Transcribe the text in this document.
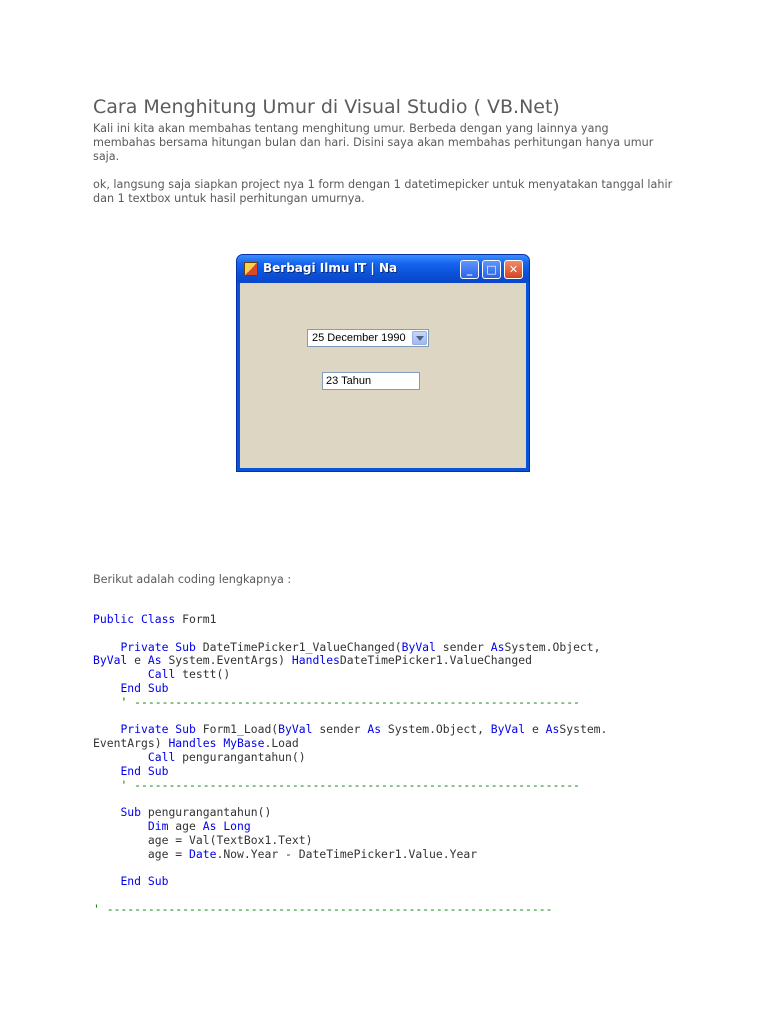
Cara Menghitung Umur di Visual Studio ( VB.Net)

Kali ini kita akan membahas tentang menghitung umur. Berbeda dengan yang lainnya yang membahas bersama hitungan bulan dan hari. Disini saya akan membahas perhitungan hanya umur saja.

ok, langsung saja siapkan project nya 1 form dengan 1 datetimepicker untuk menyatakan tanggal lahir dan 1 textbox untuk hasil perhitungan umurnya.

Berbagi Ilmu IT | Na	_	□	✕
25 December 1990
23 Tahun

Berikut adalah coding lengkapnya :

Public Class Form1
Private Sub DateTimePicker1_ValueChanged(ByVal sender AsSystem.Object,
ByVal e As System.EventArgs) HandlesDateTimePicker1.ValueChanged
Call testt()
End Sub
' -----------------------------------------------------------------
Private Sub Form1_Load(ByVal sender As System.Object, ByVal e AsSystem.
EventArgs) Handles MyBase.Load
Call pengurangantahun()
End Sub
' -----------------------------------------------------------------
Sub pengurangantahun()
Dim age As Long
age = Val(TextBox1.Text)
age = Date.Now.Year - DateTimePicker1.Value.Year
End Sub
' -----------------------------------------------------------------
